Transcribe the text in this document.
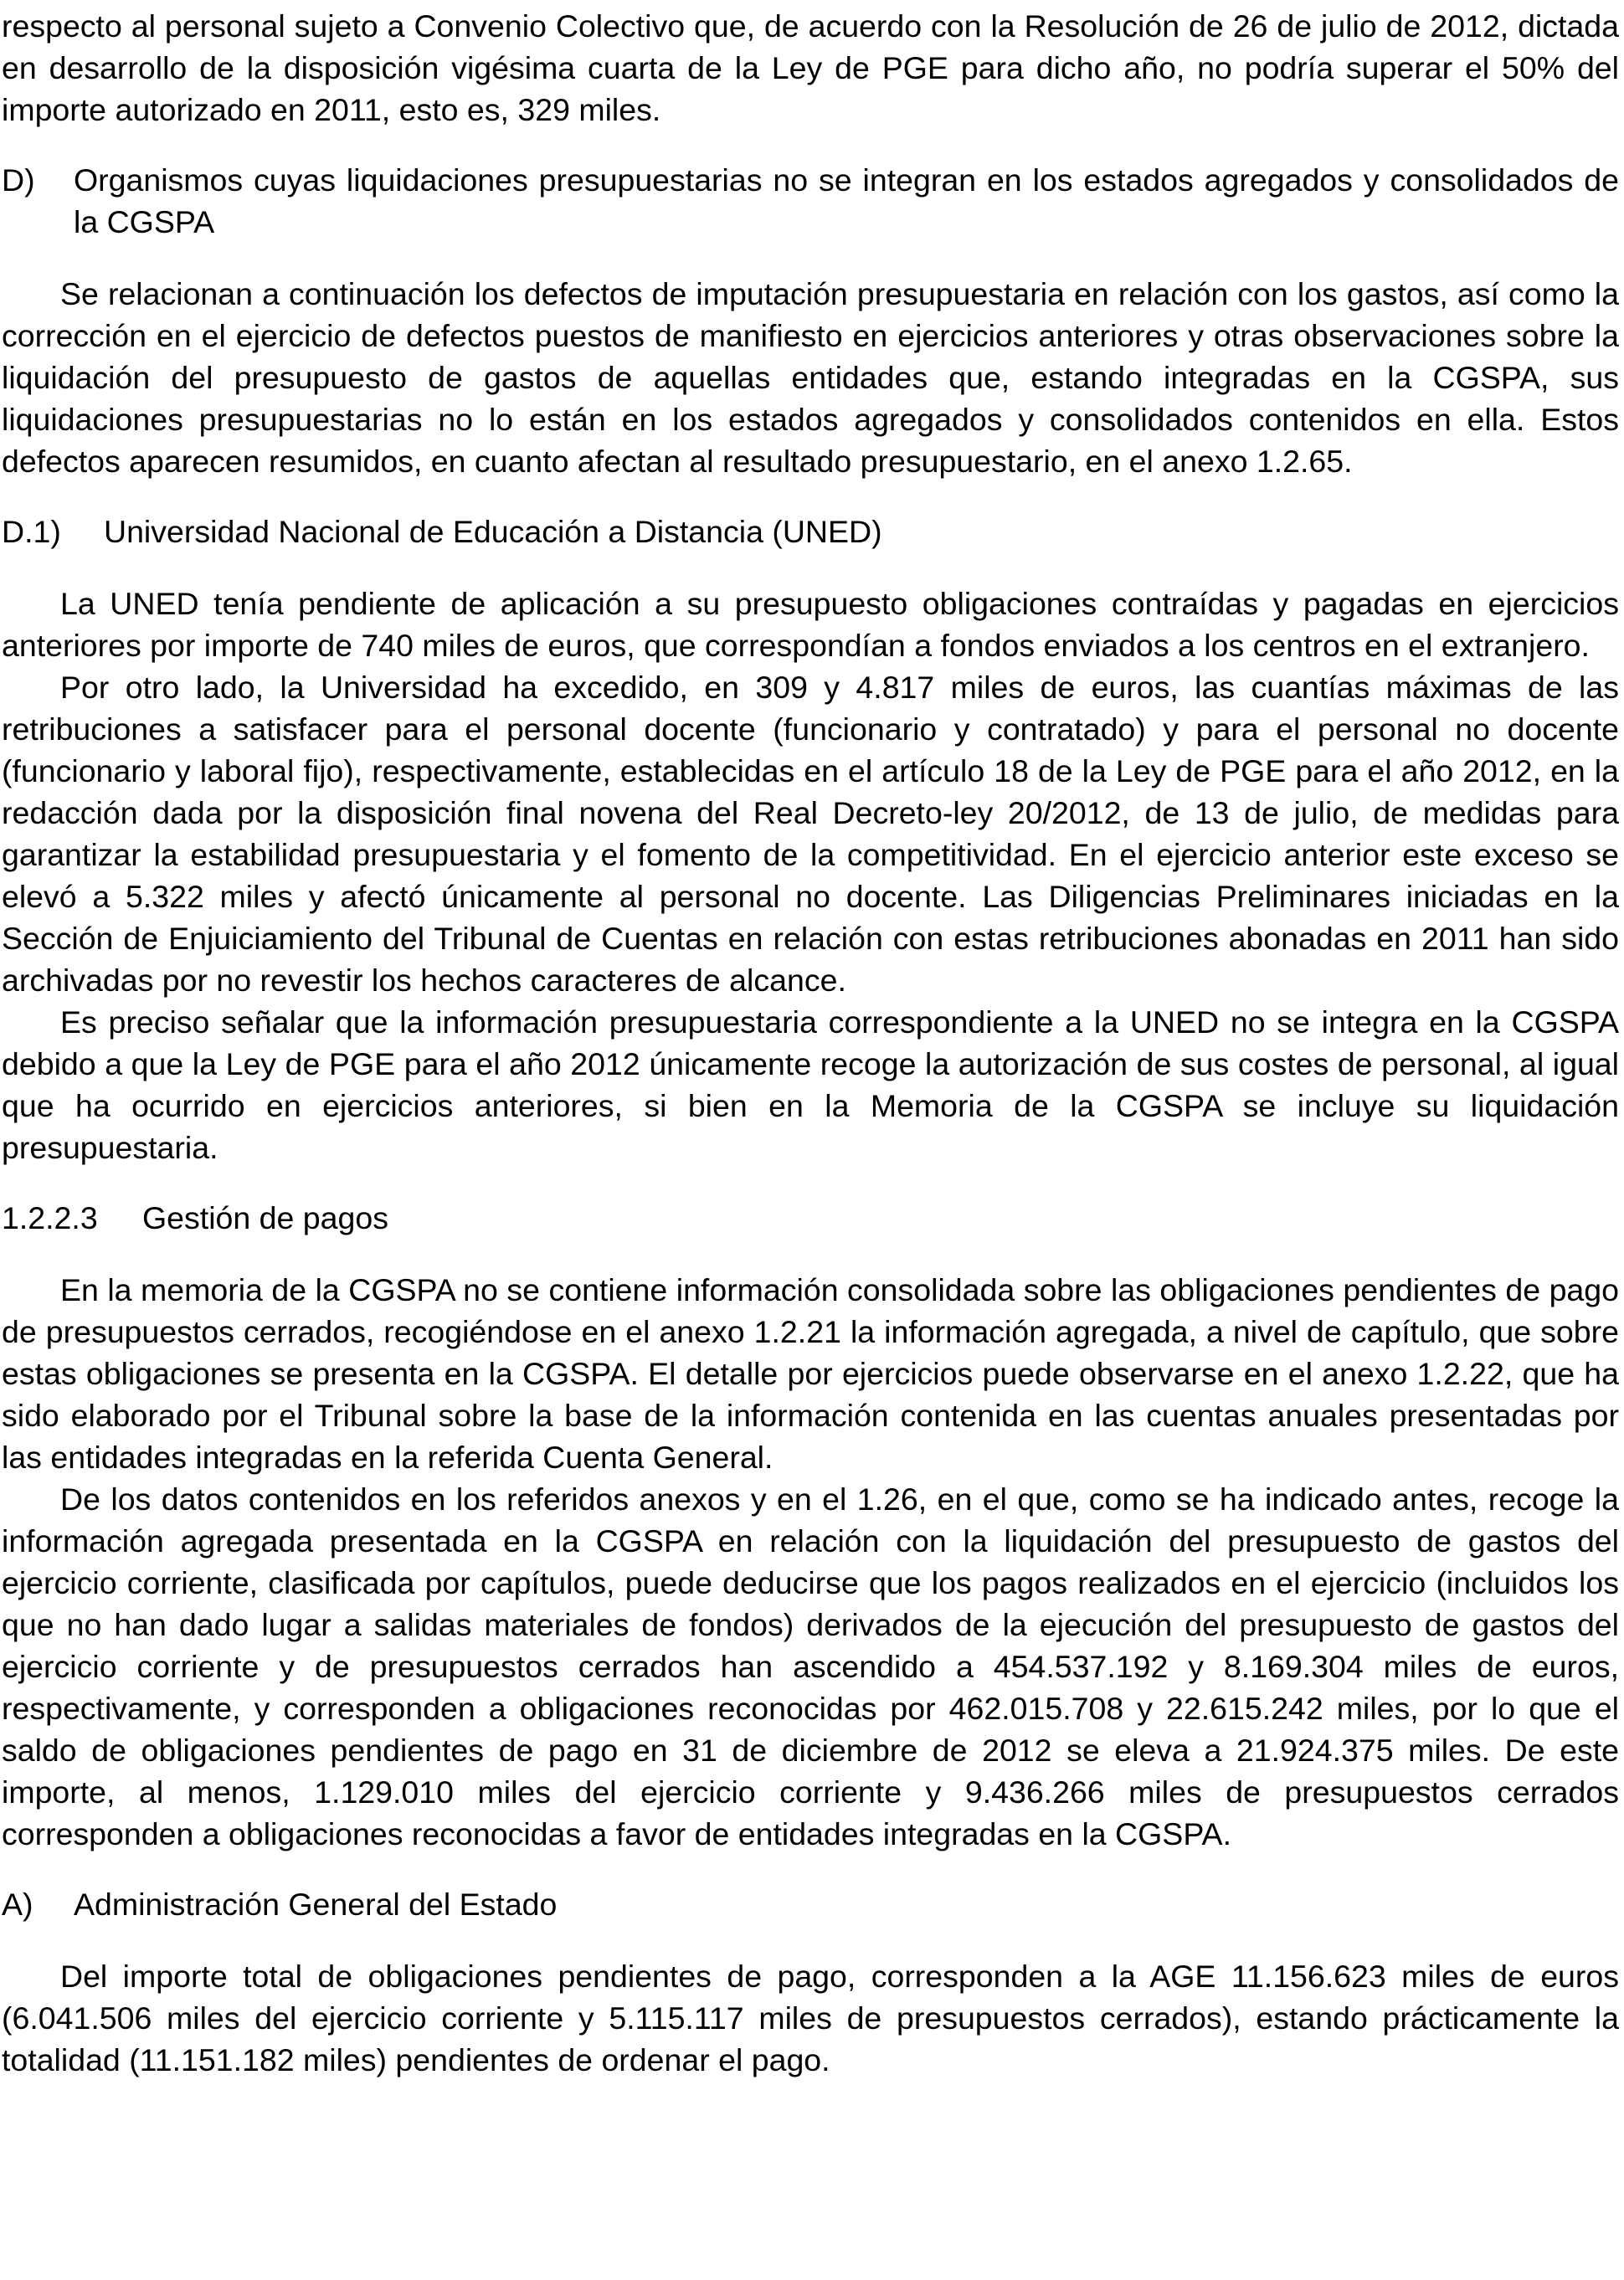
respecto al personal sujeto a Convenio Colectivo que, de acuerdo con la Resolución de 26 de julio de 2012, dictada en desarrollo de la disposición vigésima cuarta de la Ley de PGE para dicho año, no podría superar el 50% del importe autorizado en 2011, esto es, 329 miles.

D)	Organismos cuyas liquidaciones presupuestarias no se integran en los estados agregados y consolidados de la CGSPA

Se relacionan a continuación los defectos de imputación presupuestaria en relación con los gastos, así como la corrección en el ejercicio de defectos puestos de manifiesto en ejercicios anteriores y otras observaciones sobre la liquidación del presupuesto de gastos de aquellas entidades que, estando integradas en la CGSPA, sus liquidaciones presupuestarias no lo están en los estados agregados y consolidados contenidos en ella. Estos defectos aparecen resumidos, en cuanto afectan al resultado presupuestario, en el anexo 1.2.65.

D.1)	Universidad Nacional de Educación a Distancia (UNED)

La UNED tenía pendiente de aplicación a su presupuesto obligaciones contraídas y pagadas en ejercicios anteriores por importe de 740 miles de euros, que correspondían a fondos enviados a los centros en el extranjero.

Por otro lado, la Universidad ha excedido, en 309 y 4.817 miles de euros, las cuantías máximas de las retribuciones a satisfacer para el personal docente (funcionario y contratado) y para el personal no docente (funcionario y laboral fijo), respectivamente, establecidas en el artículo 18 de la Ley de PGE para el año 2012, en la redacción dada por la disposición final novena del Real Decreto-ley 20/2012, de 13 de julio, de medidas para garantizar la estabilidad presupuestaria y el fomento de la competitividad. En el ejercicio anterior este exceso se elevó a 5.322 miles y afectó únicamente al personal no docente. Las Diligencias Preliminares iniciadas en la Sección de Enjuiciamiento del Tribunal de Cuentas en relación con estas retribuciones abonadas en 2011 han sido archivadas por no revestir los hechos caracteres de alcance.

Es preciso señalar que la información presupuestaria correspondiente a la UNED no se integra en la CGSPA debido a que la Ley de PGE para el año 2012 únicamente recoge la autorización de sus costes de personal, al igual que ha ocurrido en ejercicios anteriores, si bien en la Memoria de la CGSPA se incluye su liquidación presupuestaria.

1.2.2.3	Gestión de pagos

En la memoria de la CGSPA no se contiene información consolidada sobre las obligaciones pendientes de pago de presupuestos cerrados, recogiéndose en el anexo 1.2.21 la información agregada, a nivel de capítulo, que sobre estas obligaciones se presenta en la CGSPA. El detalle por ejercicios puede observarse en el anexo 1.2.22, que ha sido elaborado por el Tribunal sobre la base de la información contenida en las cuentas anuales presentadas por las entidades integradas en la referida Cuenta General.

De los datos contenidos en los referidos anexos y en el 1.26, en el que, como se ha indicado antes, recoge la información agregada presentada en la CGSPA en relación con la liquidación del presupuesto de gastos del ejercicio corriente, clasificada por capítulos, puede deducirse que los pagos realizados en el ejercicio (incluidos los que no han dado lugar a salidas materiales de fondos) derivados de la ejecución del presupuesto de gastos del ejercicio corriente y de presupuestos cerrados han ascendido a 454.537.192 y 8.169.304 miles de euros, respectivamente, y corresponden a obligaciones reconocidas por 462.015.708 y 22.615.242 miles, por lo que el saldo de obligaciones pendientes de pago en 31 de diciembre de 2012 se eleva a 21.924.375 miles. De este importe, al menos, 1.129.010 miles del ejercicio corriente y 9.436.266 miles de presupuestos cerrados corresponden a obligaciones reconocidas a favor de entidades integradas en la CGSPA.

A)	Administración General del Estado

Del importe total de obligaciones pendientes de pago, corresponden a la AGE 11.156.623 miles de euros (6.041.506 miles del ejercicio corriente y 5.115.117 miles de presupuestos cerrados), estando prácticamente la totalidad (11.151.182 miles) pendientes de ordenar el pago.
